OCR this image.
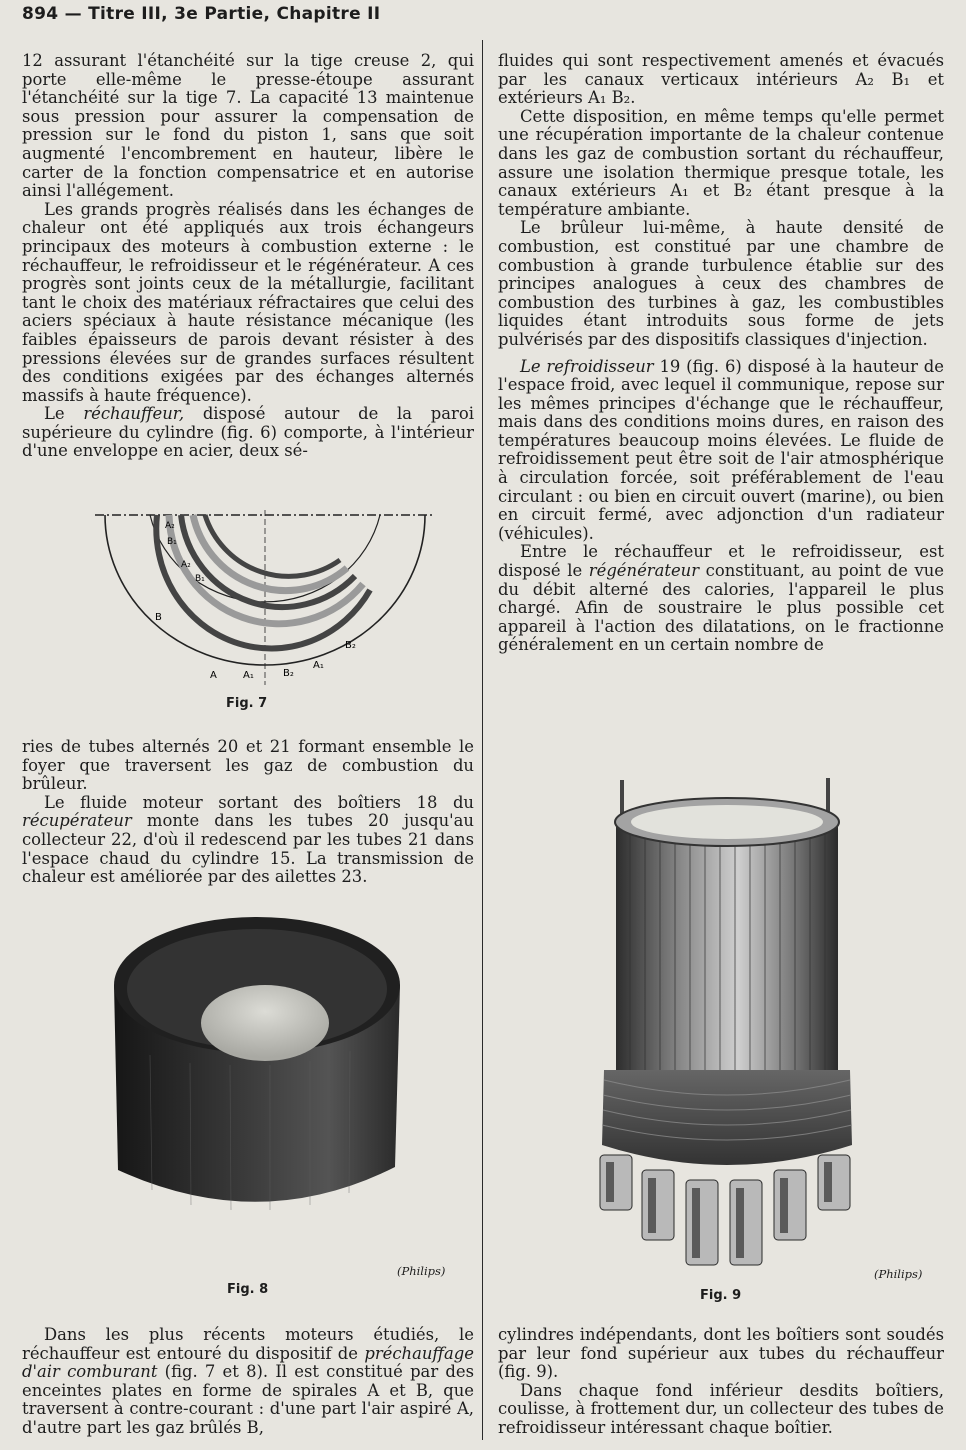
894 — Titre III, 3e Partie, Chapitre II

12 assurant l'étanchéité sur la tige creuse 2, qui porte elle-même le presse-étoupe assurant l'étanchéité sur la tige 7. La capacité 13 maintenue sous pression pour assurer la compensation de pression sur le fond du piston 1, sans que soit augmenté l'encombrement en hauteur, libère le carter de la fonction compensatrice et en autorise ainsi l'allégement.

Les grands progrès réalisés dans les échanges de chaleur ont été appliqués aux trois échangeurs principaux des moteurs à combustion externe : le réchauffeur, le refroidisseur et le régénérateur. A ces progrès sont joints ceux de la métallurgie, facilitant tant le choix des matériaux réfractaires que celui des aciers spéciaux à haute résistance mécanique (les faibles épaisseurs de parois devant résister à des pressions élevées sur de grandes surfaces résultent des conditions exigées par des échanges alternés massifs à haute fréquence).

Le réchauffeur, disposé autour de la paroi supérieure du cylindre (fig. 6) comporte, à l'intérieur d'une enveloppe en acier, deux sé-

A₂
B₁
A₂
B₁
B
B₂
A	A₁	B₂
A₁
Fig. 7

ries de tubes alternés 20 et 21 formant ensemble le foyer que traversent les gaz de combustion du brûleur.

Le fluide moteur sortant des boîtiers 18 du récupérateur monte dans les tubes 20 jusqu'au collecteur 22, d'où il redescend par les tubes 21 dans l'espace chaud du cylindre 15. La transmission de chaleur est améliorée par des ailettes 23.

(Philips)
Fig. 8

Dans les plus récents moteurs étudiés, le réchauffeur est entouré du dispositif de préchauffage d'air comburant (fig. 7 et 8). Il est constitué par des enceintes plates en forme de spirales A et B, que traversent à contre-courant : d'une part l'air aspiré A, d'autre part les gaz brûlés B,

fluides qui sont respectivement amenés et évacués par les canaux verticaux intérieurs A₂ B₁ et extérieurs A₁ B₂.

Cette disposition, en même temps qu'elle permet une récupération importante de la chaleur contenue dans les gaz de combustion sortant du réchauffeur, assure une isolation thermique presque totale, les canaux extérieurs A₁ et B₂ étant presque à la température ambiante.

Le brûleur lui-même, à haute densité de combustion, est constitué par une chambre de combustion à grande turbulence établie sur des principes analogues à ceux des chambres de combustion des turbines à gaz, les combustibles liquides étant introduits sous forme de jets pulvérisés par des dispositifs classiques d'injection.

Le refroidisseur 19 (fig. 6) disposé à la hauteur de l'espace froid, avec lequel il communique, repose sur les mêmes principes d'échange que le réchauffeur, mais dans des conditions moins dures, en raison des températures beaucoup moins élevées. Le fluide de refroidissement peut être soit de l'air atmosphérique à circulation forcée, soit préférablement de l'eau circulant : ou bien en circuit ouvert (marine), ou bien en circuit fermé, avec adjonction d'un radiateur (véhicules).

Entre le réchauffeur et le refroidisseur, est disposé le régénérateur constituant, au point de vue du débit alterné des calories, l'appareil le plus chargé. Afin de soustraire le plus possible cet appareil à l'action des dilatations, on le fractionne généralement en un certain nombre de

(Philips)
Fig. 9

cylindres indépendants, dont les boîtiers sont soudés par leur fond supérieur aux tubes du réchauffeur (fig. 9).

Dans chaque fond inférieur desdits boîtiers, coulisse, à frottement dur, un collecteur des tubes de refroidisseur intéressant chaque boîtier.
